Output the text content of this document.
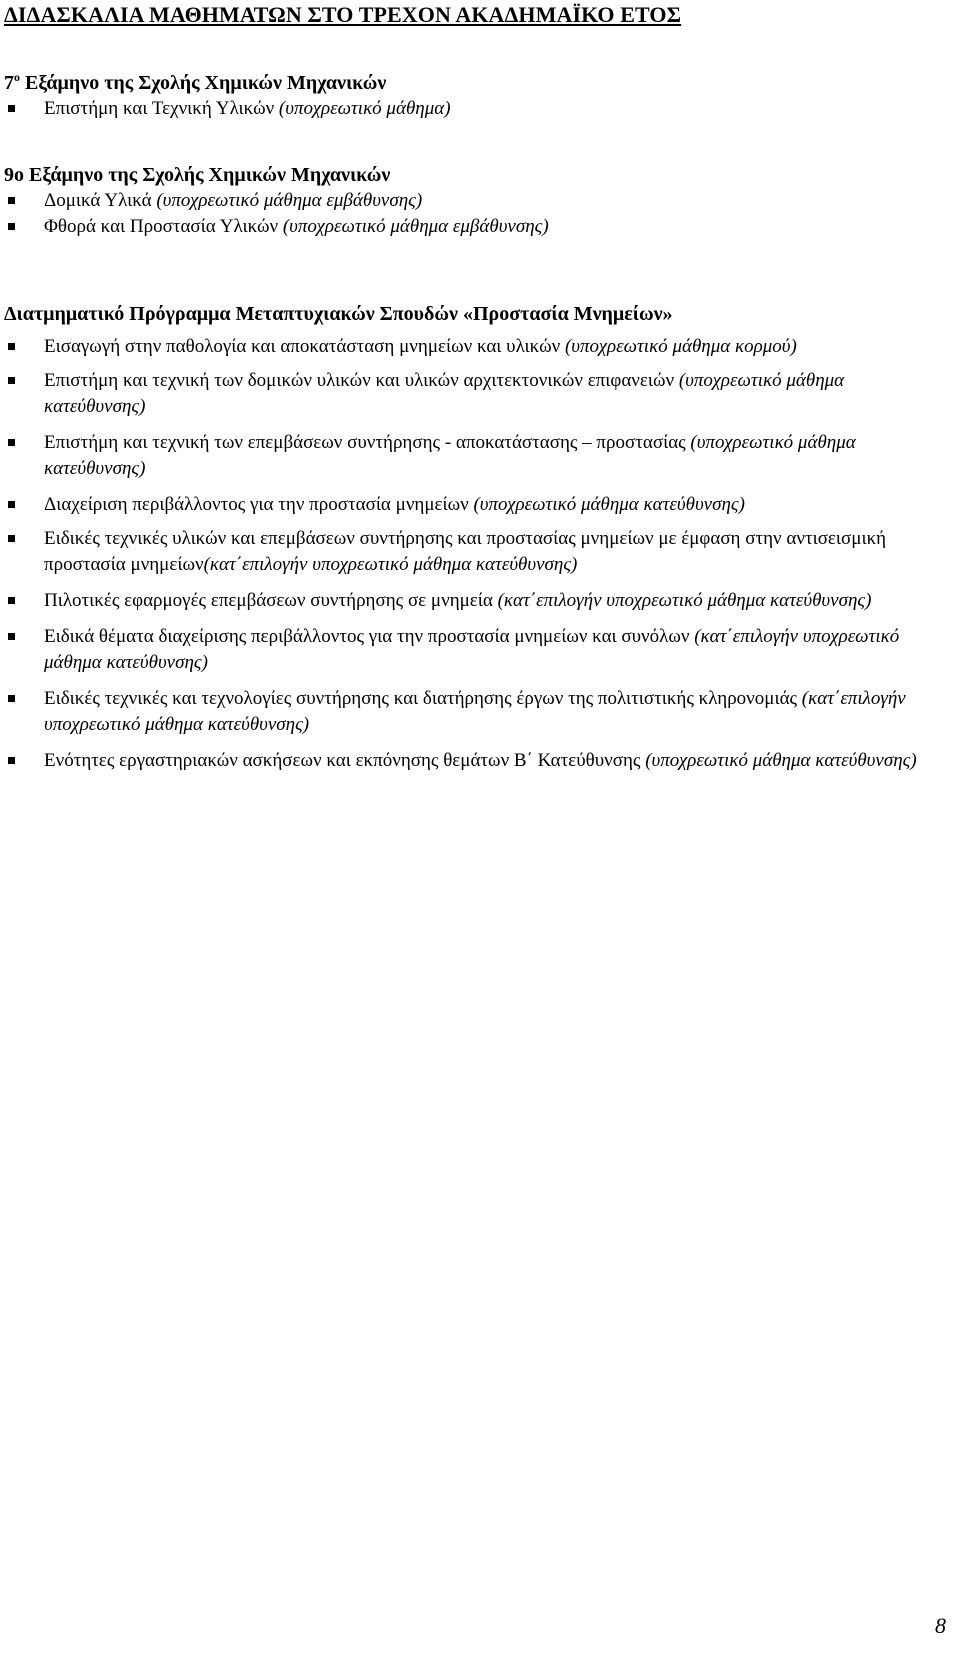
ΔΙΔΑΣΚΑΛΙΑ ΜΑΘΗΜΑΤΩΝ ΣΤΟ ΤΡΕΧΟΝ ΑΚΑΔΗΜΑΪΚΟ ΕΤΟΣ
$7^o$ Εξάμηνο της Σχολής Χημικών Μηχανικών
Επιστήμη και Τεχνική Υλικών (υποχρεωτικό μάθημα)
9ο Εξάμηνο της Σχολής Χημικών Μηχανικών
Δομικά Υλικά (υποχρεωτικό μάθημα εμβάθυνσης)
Φθορά και Προστασία Υλικών (υποχρεωτικό μάθημα εμβάθυνσης)
Διατμηματικό Πρόγραμμα Μεταπτυχιακών Σπουδών «Προστασία Μνημείων»
Εισαγωγή στην παθολογία και αποκατάσταση μνημείων και υλικών (υποχρεωτικό μάθημα κορμού)
Επιστήμη και τεχνική των δομικών υλικών και υλικών αρχιτεκτονικών επιφανειών (υποχρεωτικό μάθημα κατεύθυνσης)
Επιστήμη και τεχνική των επεμβάσεων συντήρησης - αποκατάστασης – προστασίας (υποχρεωτικό μάθημα κατεύθυνσης)
Διαχείριση περιβάλλοντος για την προστασία μνημείων (υποχρεωτικό μάθημα κατεύθυνσης)
Ειδικές τεχνικές υλικών και επεμβάσεων συντήρησης και προστασίας μνημείων με έμφαση στην αντισεισμική προστασία μνημείων(κατ΄επιλογήν υποχρεωτικό μάθημα κατεύθυνσης)
Πιλοτικές εφαρμογές επεμβάσεων συντήρησης σε μνημεία (κατ΄επιλογήν υποχρεωτικό μάθημα κατεύθυνσης)
Ειδικά θέματα διαχείρισης περιβάλλοντος για την προστασία μνημείων και συνόλων (κατ΄επιλογήν υποχρεωτικό μάθημα κατεύθυνσης)
Ειδικές τεχνικές και τεχνολογίες συντήρησης και διατήρησης έργων της πολιτιστικής κληρονομιάς (κατ΄επιλογήν υποχρεωτικό μάθημα κατεύθυνσης)
Ενότητες εργαστηριακών ασκήσεων και εκπόνησης θεμάτων Β΄ Κατεύθυνσης (υποχρεωτικό μάθημα κατεύθυνσης)
8
